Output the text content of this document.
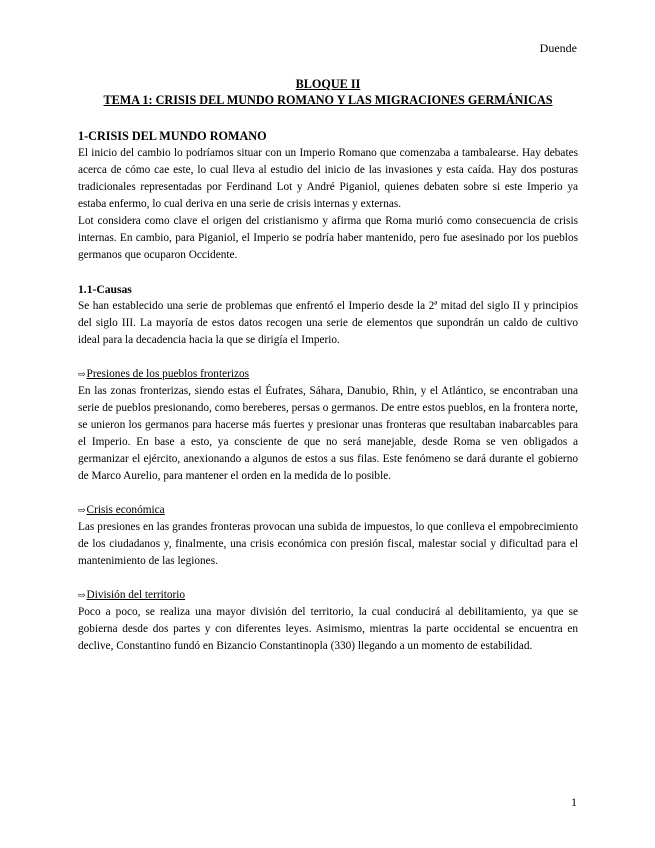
Duende
BLOQUE II
TEMA 1: CRISIS DEL MUNDO ROMANO Y LAS MIGRACIONES GERMÁNICAS
1-CRISIS DEL MUNDO ROMANO

El inicio del cambio lo podríamos situar con un Imperio Romano que comenzaba a tambalearse. Hay debates acerca de cómo cae este, lo cual lleva al estudio del inicio de las invasiones y esta caída. Hay dos posturas tradicionales representadas por Ferdinand Lot y André Piganiol, quienes debaten sobre si este Imperio ya estaba enfermo, lo cual deriva en una serie de crisis internas y externas.

Lot considera como clave el origen del cristianismo y afirma que Roma murió como consecuencia de crisis internas. En cambio, para Piganiol, el Imperio se podría haber mantenido, pero fue asesinado por los pueblos germanos que ocuparon Occidente.

1.1-Causas

Se han establecido una serie de problemas que enfrentó el Imperio desde la 2ª mitad del siglo II y principios del siglo III. La mayoría de estos datos recogen una serie de elementos que supondrán un caldo de cultivo ideal para la decadencia hacia la que se dirigía el Imperio.

⇨Presiones de los pueblos fronterizos

En las zonas fronterizas, siendo estas el Éufrates, Sáhara, Danubio, Rhin, y el Atlántico, se encontraban una serie de pueblos presionando, como bereberes, persas o germanos. De entre estos pueblos, en la frontera norte, se unieron los germanos para hacerse más fuertes y presionar unas fronteras que resultaban inabarcables para el Imperio. En base a esto, ya consciente de que no será manejable, desde Roma se ven obligados a germanizar el ejército, anexionando a algunos de estos a sus filas. Este fenómeno se dará durante el gobierno de Marco Aurelio, para mantener el orden en la medida de lo posible.

⇨Crisis económica

Las presiones en las grandes fronteras provocan una subida de impuestos, lo que conlleva el empobrecimiento de los ciudadanos y, finalmente, una crisis económica con presión fiscal, malestar social y dificultad para el mantenimiento de las legiones.

⇨División del territorio

Poco a poco, se realiza una mayor división del territorio, la cual conducirá al debilitamiento, ya que se gobierna desde dos partes y con diferentes leyes. Asimismo, mientras la parte occidental se encuentra en declive, Constantino fundó en Bizancio Constantinopla (330) llegando a un momento de estabilidad.

1
